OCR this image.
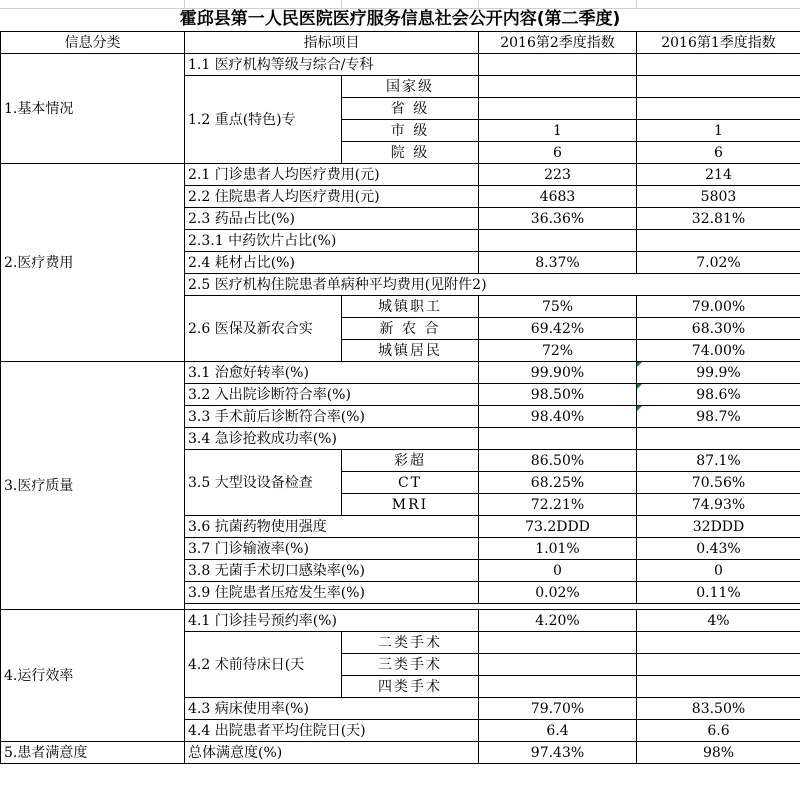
霍邱县第一人民医院医疗服务信息社会公开内容(第二季度)
信息分类	指标项目		2016第2季度指数	2016第1季度指数
1.基本情况	1.1 医疗机构等级与综合/专科			
	1.2 重点(特色)专	国家级		
		省 级		
		市 级	1	1
		院 级	6	6
2.医疗费用	2.1 门诊患者人均医疗费用(元)		223	214
	2.2 住院患者人均医疗费用(元)		4683	5803
	2.3 药品占比(%)		36.36%	32.81%
	2.3.1 中药饮片占比(%)			
	2.4 耗材占比(%)		8.37%	7.02%
	2.5 医疗机构住院患者单病种平均费用(见附件2)			
	2.6 医保及新农合实	城镇职工	75%	79.00%
		新 农 合	69.42%	68.30%
		城镇居民	72%	74.00%
3.医疗质量	3.1 治愈好转率(%)		99.90%	99.9%
	3.2 入出院诊断符合率(%)		98.50%	98.6%
	3.3 手术前后诊断符合率(%)		98.40%	98.7%
	3.4 急诊抢救成功率(%)			
	3.5 大型设设备检查	彩超	86.50%	87.1%
		CT	68.25%	70.56%
		MRI	72.21%	74.93%
	3.6 抗菌药物使用强度		73.2DDD	32DDD
	3.7 门诊输液率(%)		1.01%	0.43%
	3.8 无菌手术切口感染率(%)		0	0
	3.9 住院患者压疮发生率(%)		0.02%	0.11%

4.运行效率	4.1 门诊挂号预约率(%)		4.20%	4%
	4.2 术前待床日(天	二类手术		
		三类手术		
		四类手术		
	4.3 病床使用率(%)		79.70%	83.50%
	4.4 出院患者平均住院日(天)		6.4	6.6
5.患者满意度	总体满意度(%)		97.43%	98%
